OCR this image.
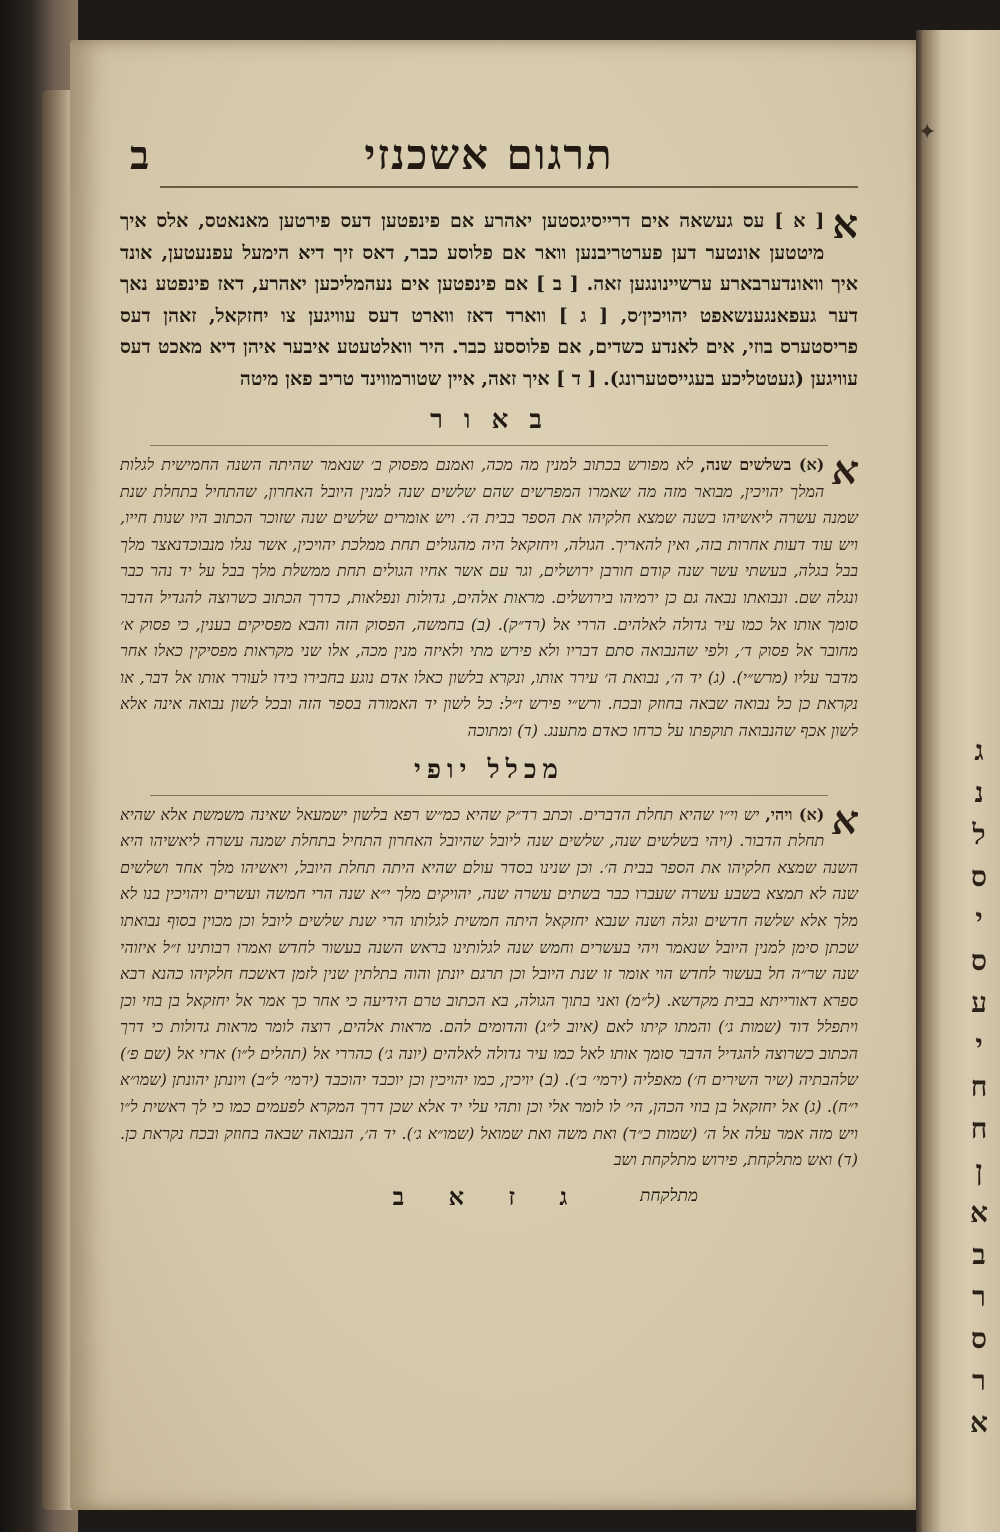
ג
נ
ל
ס
י
ס
ע
י
ח
ח
ן
א
ב
ר
ס
ר
א
✦
תרגום אשכנזי
ב

א
[ א ] עס געשאה אים דרייסיגסטען יאהרע אם פינפטען דעס פירטען מאנאטס, אלס איך מיטטען אונטער דען פערטריבנען וואר אם פלוסע כבר, דאס זיך דיא הימעל עפנעטען, אונד איך וואונדערבארע ערשיינונגען זאה. [ ב ] אם פינפטען אים נעהמליכען יאהרע, דאז פינפטע נאך דער געפאנגענשאפט יהויכין׳ס, [ ג ] ווארד דאז ווארט דעס עוויגען צו יחזקאל, זאהן דעס פריסטערס בוזי, אים לאנדע כשדים, אם פלוססע כבר. היר וואלטעטע איבער איהן דיא מאכט דעס עוויגען (געטטליכע בעגייסטערונג). [ ד ] איך זאה, איין שטורמווינד טריב פאן מיטה

ב א ו ר

א
(א) בשלשים שנה, לא מפורש בכתוב למנין מה מכה, ואמנם מפסוק ב׳ שנאמר שהיתה השנה החמישית לגלות המלך יהויכין, מבואר מזה מה שאמרו המפרשים שהם שלשים שנה למנין היובל האחרון, שהתחיל בתחלת שנת שמנה עשרה ליאשיהו בשנה שמצא חלקיהו את הספר בבית ה׳. ויש אומרים שלשים שנה שזוכר הכתוב היו שנות חייו, ויש עוד דעות אחרות בזה, ואין להאריך. הגולה, ויחזקאל היה מהגולים תחת ממלכת יהויכין, אשר נגלו מנבוכדנאצר מלך בבל בגלה, בעשתי עשר שנה קודם חורבן ירושלים, וגר עם אשר אחיו הגולים תחת ממשלת מלך בבל על יד נהר כבר ונגלה שם. ונבואתו נבאה גם כן ירמיהו בירושלים. מראות אלהים, גדולות ונפלאות, כדרך הכתוב כשרוצה להגדיל הדבר סומך אותו אל כמו עיר גדולה לאלהים. הררי אל (רד״ק). (ב) בחמשה, הפסוק הזה והבא מפסיקים בענין, כי פסוק א׳ מחובר אל פסוק ד׳, ולפי שהנבואה סתם דבריו ולא פירש מתי ולאיזה מנין מכה, אלו שני מקראות מפסיקין כאלו אחר מדבר עליו (מרש״י). (ג) יד ה׳, נבואת ה׳ עירר אותו, ונקרא בלשון כאלו אדם נוגע בחבירו בידו לעורר אותו אל דבר, או נקראת כן כל נבואה שבאה בחוזק ובכח. ורש״י פירש ז״ל: כל לשון יד האמורה בספר הזה ובכל לשון נבואה אינה אלא לשון אכף שהנבואה תוקפתו על כרחו כאדם מתענג. (ד) ומתוכה

מכלל יופי

א
(א) ויהי, יש וי״ו שהיא תחלת הדברים. וכתב רד״ק שהיא כמ״ש רפא בלשון ישמעאל שאינה משמשת אלא שהיא תחלת הדבור. (ויהי בשלשים שנה, שלשים שנה ליובל שהיובל האחרון התחיל בתחלת שמנה עשרה ליאשיהו היא השנה שמצא חלקיהו את הספר בבית ה׳. וכן שנינו בסדר עולם שהיא היתה תחלת היובל, ויאשיהו מלך אחד ושלשים שנה לא תמצא בשבע עשרה שעברו כבר בשתים עשרה שנה, יהויקים מלך י״א שנה הרי חמשה ועשרים ויהויכין בנו לא מלך אלא שלשה חדשים וגלה ושנה שנבא יחזקאל היתה חמשית לגלותו הרי שנת שלשים ליובל וכן מכוין בסוף נבואתו שכתן סימן למנין היובל שנאמר ויהי בעשרים וחמש שנה לגלותינו בראש השנה בעשור לחדש ואמרו רבותינו ז״ל איזוהי שנה שר״ה חל בעשור לחדש הוי אומר זו שנת היובל וכן תרגם יונתן והוה בתלתין שנין לזמן דאשכח חלקיהו כהנא רבא ספרא דאורייתא בבית מקדשא. (ל״מ) ואני בתוך הגולה, בא הכתוב טרם הידיעה כי אחר כך אמר אל יחזקאל בן בוזי וכן ויתפלל דוד (שמות ג׳) והמתו קיתו לאם (איוב ל״ג) והדומים להם. מראות אלהים, רוצה לומר מראות גדולות כי דרך הכתוב כשרוצה להגדיל הדבר סומך אותו לאל כמו עיר גדולה לאלהים (יונה ג׳) כהררי אל (תהלים ל״ו) ארזי אל (שם פ׳) שלהבתיה (שיר השירים ח׳) מאפליה (ירמי׳ ב׳). (ב) יויכין, כמו יהויכין וכן יוכבד יהוכבד (ירמי׳ ל״ב) ויונתן יהונתן (שמו״א י״ח). (ג) אל יחזקאל בן בוזי הכהן, הי׳ לו לומר אלי וכן ותהי עלי יד אלא שכן דרך המקרא לפעמים כמו כי לך ראשית ל״ו ויש מזה אמר עלה אל ה׳ (שמות כ״ד) ואת משה ואת שמואל (שמו״א ג׳). יד ה׳, הנבואה שבאה בחוזק ובכח נקראת כן. (ד) ואש מתלקחת, פירוש מתלקחת ושב

ג ז א ב	מתלקחת
